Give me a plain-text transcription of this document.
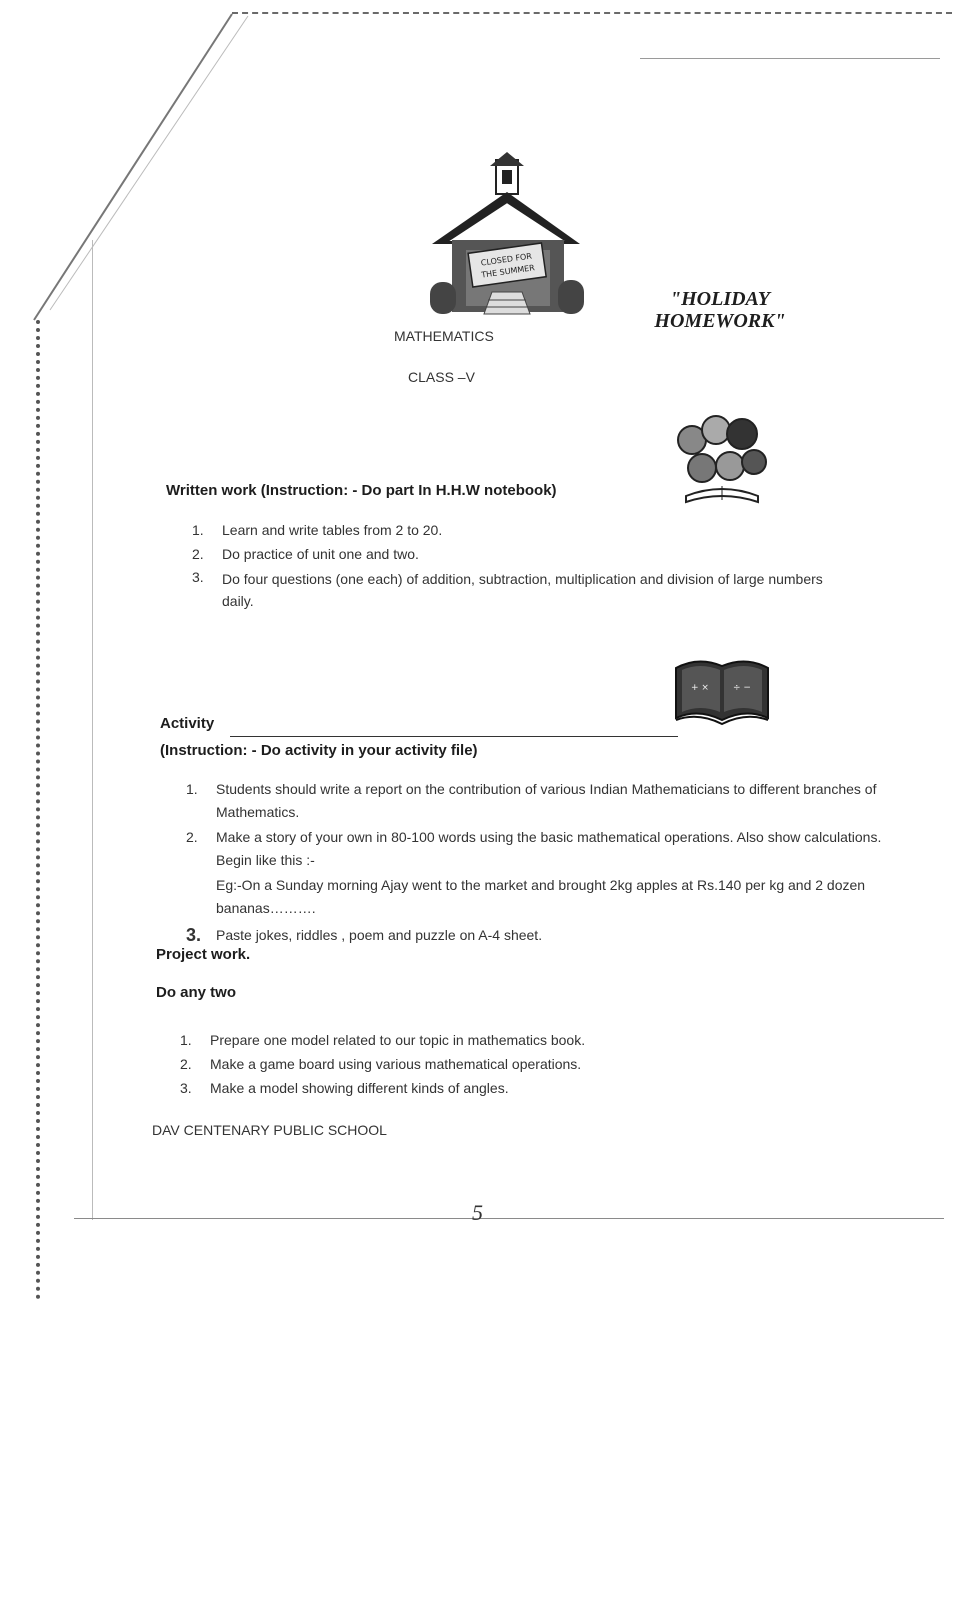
CLOSED FOR
THE SUMMER
"HOLIDAY
HOMEWORK"
MATHEMATICS
CLASS –V
Written work (Instruction: - Do part In H.H.W notebook)
1.	Learn and write tables from 2 to 20.
2.	Do practice of unit one and two.
3.	Do four questions (one each) of addition, subtraction, multiplication and division of large numbers daily.
+ ×	÷ −
Activity
(Instruction: - Do activity in your activity file)
1.	Students should write a report on the contribution of various Indian Mathematicians to different branches of Mathematics.
2.	Make a story of your own in 80-100 words using the basic mathematical operations. Also show calculations. Begin like this :-
Eg:-On a Sunday morning Ajay went to the market and brought 2kg apples at Rs.140 per kg and 2 dozen bananas……….
3.	Paste jokes, riddles , poem and puzzle on A-4 sheet.
Project work.
Do any two
1.	Prepare one model related to our topic in mathematics book.
2.	Make a game board using various mathematical operations.
3.	Make a model showing different kinds of angles.
DAV CENTENARY PUBLIC SCHOOL
5
